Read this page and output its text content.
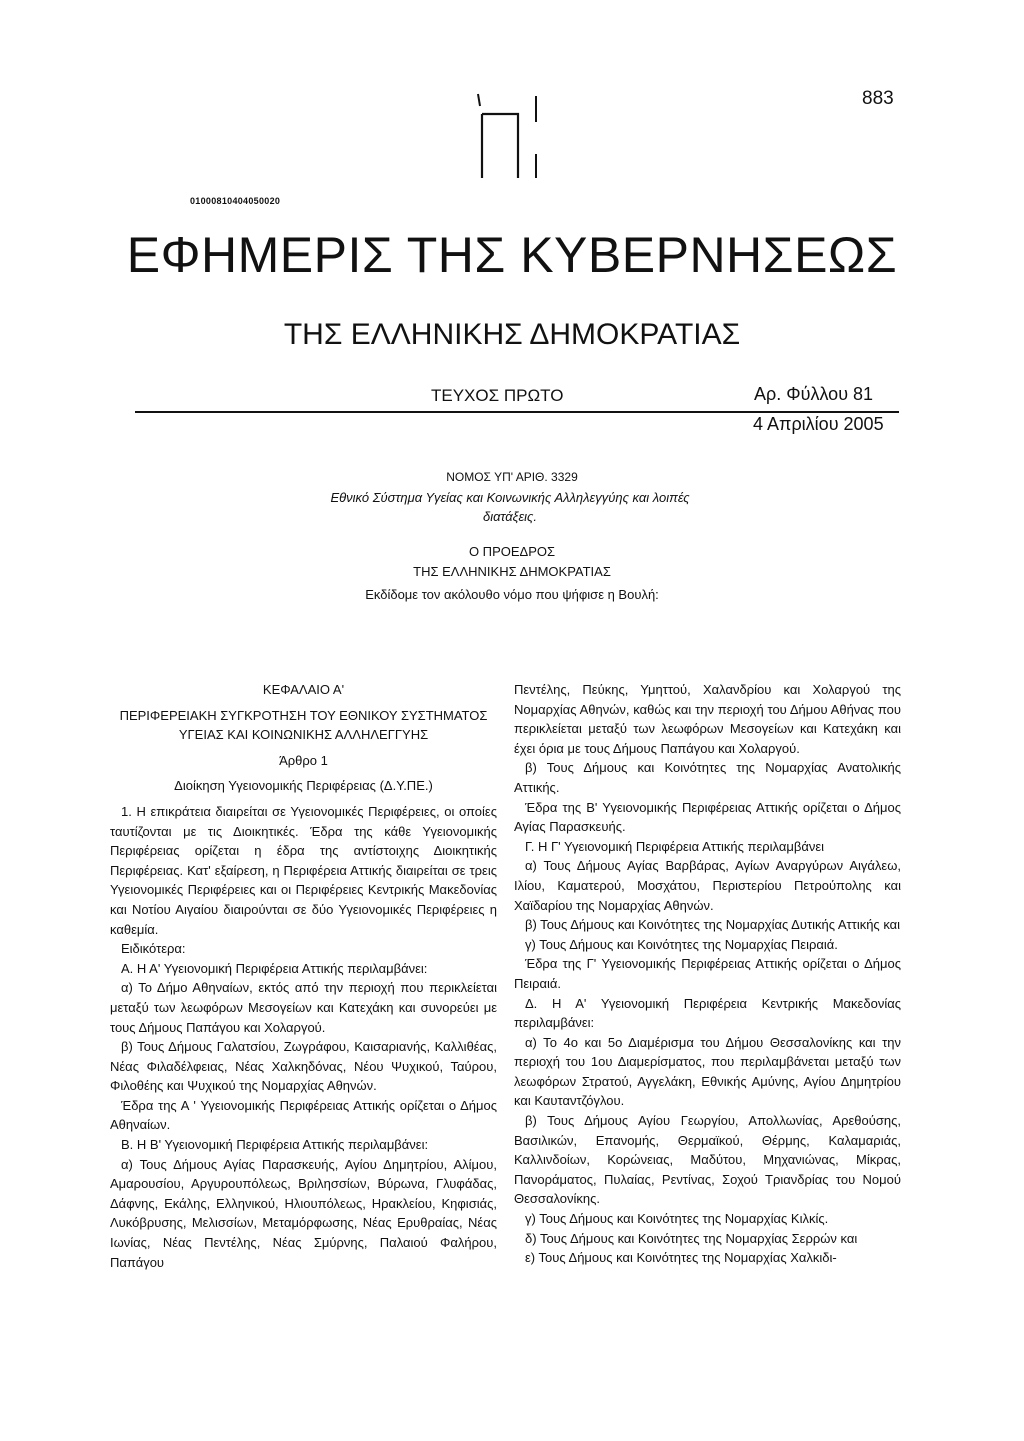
883
01000810404050020
ΕΦΗΜΕΡΙΣ ΤΗΣ ΚΥΒΕΡΝΗΣΕΩΣ
ΤΗΣ ΕΛΛΗΝΙΚΗΣ ΔΗΜΟΚΡΑΤΙΑΣ
ΤΕΥΧΟΣ ΠΡΩΤΟ	Αρ. Φύλλου 81
4 Απριλίου 2005
ΝΟΜΟΣ ΥΠ' ΑΡΙΘ. 3329
Εθνικό Σύστημα Υγείας και Κοινωνικής Αλληλεγγύης και λοιπές διατάξεις.
Ο ΠΡΟΕΔΡΟΣ
ΤΗΣ ΕΛΛΗΝΙΚΗΣ ΔΗΜΟΚΡΑΤΙΑΣ
Εκδίδομε τον ακόλουθο νόμο που ψήφισε η Βουλή:

ΚΕΦΑΛΑΙΟ Α'

ΠΕΡΙΦΕΡΕΙΑΚΗ ΣΥΓΚΡΟΤΗΣΗ ΤΟΥ ΕΘΝΙΚΟΥ ΣΥΣΤΗΜΑΤΟΣ ΥΓΕΙΑΣ ΚΑΙ ΚΟΙΝΩΝΙΚΗΣ ΑΛΛΗΛΕΓΓΥΗΣ

Άρθρο 1

Διοίκηση Υγειονομικής Περιφέρειας (Δ.Υ.ΠΕ.)

1. Η επικράτεια διαιρείται σε Υγειονομικές Περιφέρειες, οι οποίες ταυτίζονται με τις Διοικητικές. Έδρα της κάθε Υγειονομικής Περιφέρειας ορίζεται η έδρα της αντίστοιχης Διοικητικής Περιφέρειας. Κατ' εξαίρεση, η Περιφέρεια Αττικής διαιρείται σε τρεις Υγειονομικές Περιφέρειες και οι Περιφέρειες Κεντρικής Μακεδονίας και Νοτίου Αιγαίου διαιρούνται σε δύο Υγειονομικές Περιφέρειες η καθεμία.

Ειδικότερα:

Α. Η Α' Υγειονομική Περιφέρεια Αττικής περιλαμβάνει:

α) Το Δήμο Αθηναίων, εκτός από την περιοχή που περικλείεται μεταξύ των λεωφόρων Μεσογείων και Κατεχάκη και συνορεύει με τους Δήμους Παπάγου και Χολαργού.

β) Τους Δήμους Γαλατσίου, Ζωγράφου, Καισαριανής, Καλλιθέας, Νέας Φιλαδέλφειας, Νέας Χαλκηδόνας, Νέου Ψυχικού, Ταύρου, Φιλοθέης και Ψυχικού της Νομαρχίας Αθηνών.

Έδρα της Α ' Υγειονομικής Περιφέρειας Αττικής ορίζεται ο Δήμος Αθηναίων.

Β. Η Β' Υγειονομική Περιφέρεια Αττικής περιλαμβάνει:

α) Τους Δήμους Αγίας Παρασκευής, Αγίου Δημητρίου, Αλίμου, Αμαρουσίου, Αργυρουπόλεως, Βριλησσίων, Βύρωνα, Γλυφάδας, Δάφνης, Εκάλης, Ελληνικού, Ηλιουπόλεως, Ηρακλείου, Κηφισιάς, Λυκόβρυσης, Μελισσίων, Μεταμόρφωσης, Νέας Ερυθραίας, Νέας Ιωνίας, Νέας Πεντέλης, Νέας Σμύρνης, Παλαιού Φαλήρου, Παπάγου

Πεντέλης, Πεύκης, Υμηττού, Χαλανδρίου και Χολαργού της Νομαρχίας Αθηνών, καθώς και την περιοχή του Δήμου Αθήνας που περικλείεται μεταξύ των λεωφόρων Μεσογείων και Κατεχάκη και έχει όρια με τους Δήμους Παπάγου και Χολαργού.

β) Τους Δήμους και Κοινότητες της Νομαρχίας Ανατολικής Αττικής.

Έδρα της Β' Υγειονομικής Περιφέρειας Αττικής ορίζεται ο Δήμος Αγίας Παρασκευής.

Γ. Η Γ' Υγειονομική Περιφέρεια Αττικής περιλαμβάνει

α) Τους Δήμους Αγίας Βαρβάρας, Αγίων Αναργύρων Αιγάλεω, Ιλίου, Καματερού, Μοσχάτου, Περιστερίου Πετρούπολης και Χαϊδαρίου της Νομαρχίας Αθηνών.

β) Τους Δήμους και Κοινότητες της Νομαρχίας Δυτικής Αττικής και

γ) Τους Δήμους και Κοινότητες της Νομαρχίας Πειραιά.

Έδρα της Γ' Υγειονομικής Περιφέρειας Αττικής ορίζεται ο Δήμος Πειραιά.

Δ. Η Α' Υγειονομική Περιφέρεια Κεντρικής Μακεδονίας περιλαμβάνει:

α) Το 4ο και 5ο Διαμέρισμα του Δήμου Θεσσαλονίκης και την περιοχή του 1ου Διαμερίσματος, που περιλαμβάνεται μεταξύ των λεωφόρων Στρατού, Αγγελάκη, Εθνικής Αμύνης, Αγίου Δημητρίου και Καυταντζόγλου.

β) Τους Δήμους Αγίου Γεωργίου, Απολλωνίας, Αρεθούσης, Βασιλικών, Επανομής, Θερμαϊκού, Θέρμης, Καλαμαριάς, Καλλινδοίων, Κορώνειας, Μαδύτου, Μηχανιώνας, Μίκρας, Πανοράματος, Πυλαίας, Ρεντίνας, Σοχού Τριανδρίας του Νομού Θεσσαλονίκης.

γ) Τους Δήμους και Κοινότητες της Νομαρχίας Κιλκίς.

δ) Τους Δήμους και Κοινότητες της Νομαρχίας Σερρών και

ε) Τους Δήμους και Κοινότητες της Νομαρχίας Χαλκιδι-
